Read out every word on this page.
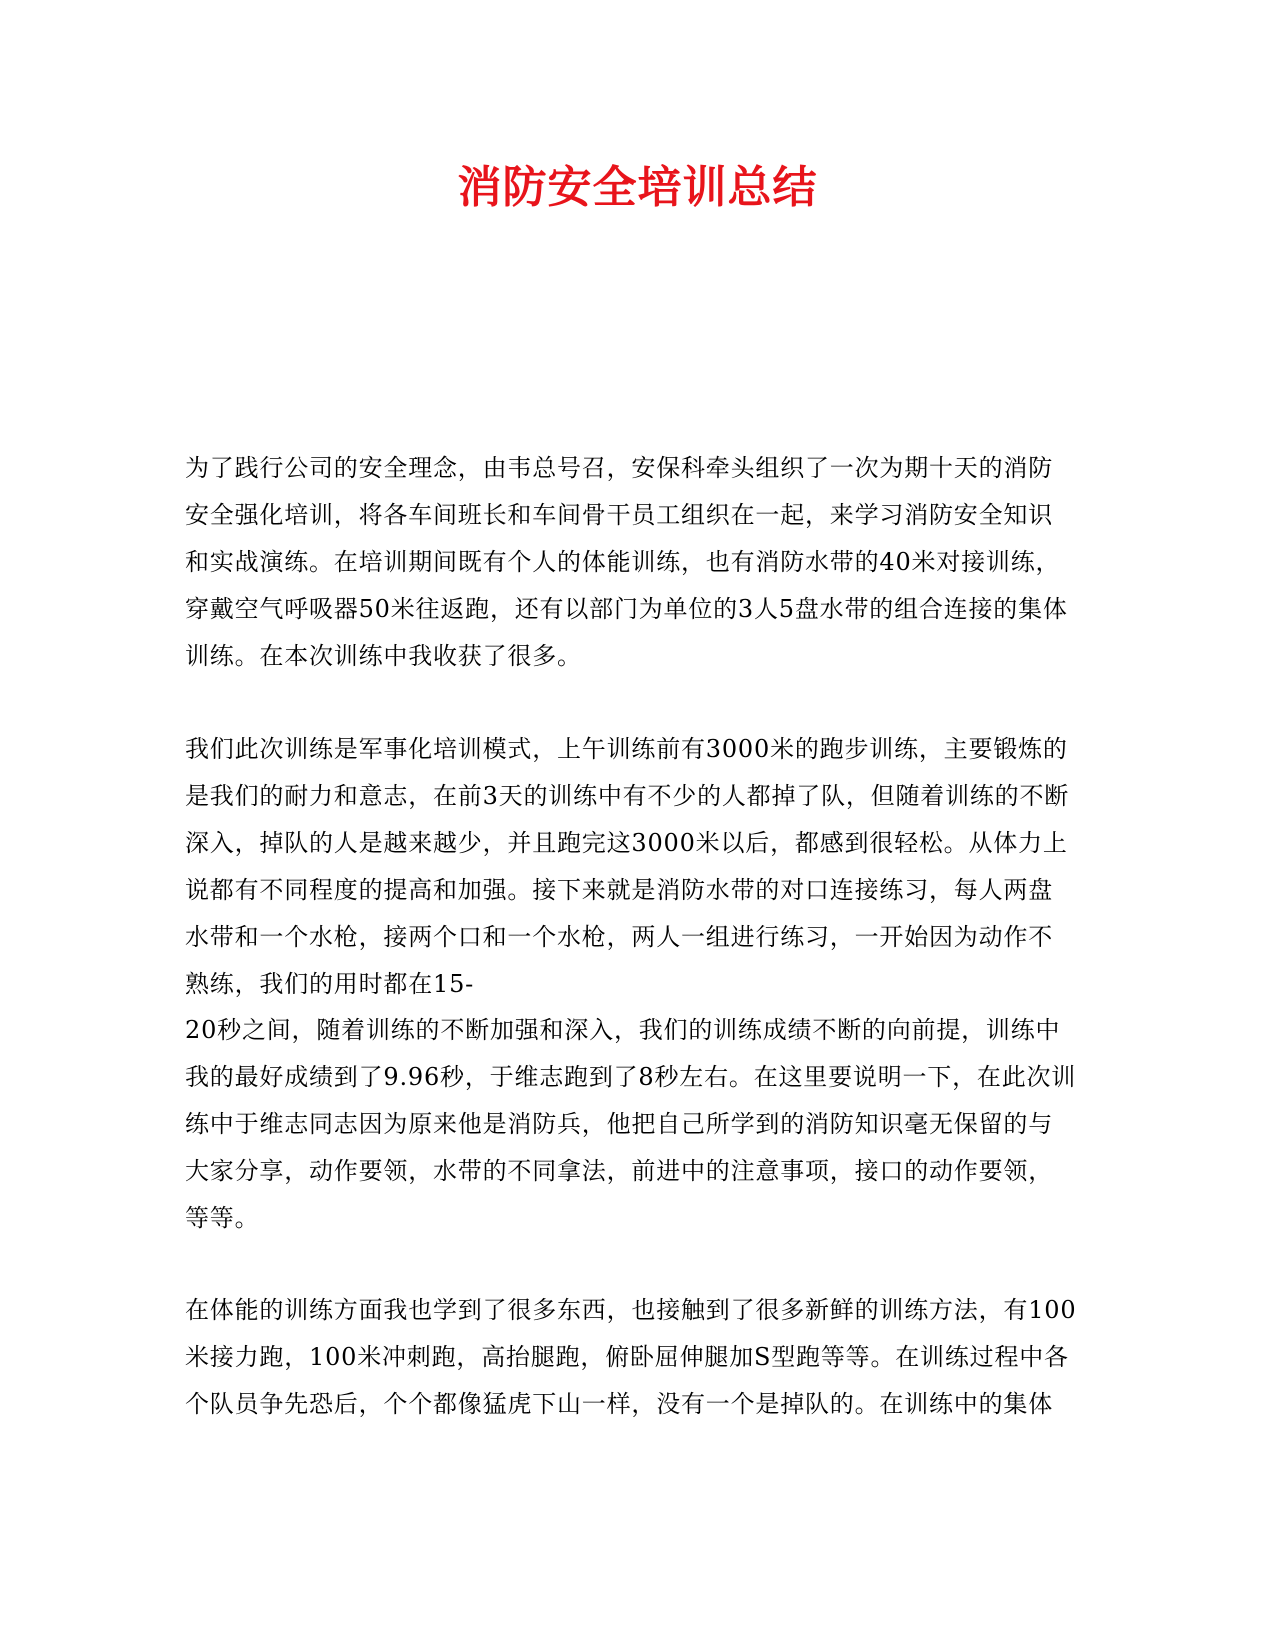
消防安全培训总结

为了践行公司的安全理念，由韦总号召，安保科牵头组织了一次为期十天的消防

安全强化培训，将各车间班长和车间骨干员工组织在一起，来学习消防安全知识

和实战演练。在培训期间既有个人的体能训练，也有消防水带的40米对接训练，

穿戴空气呼吸器50米往返跑，还有以部门为单位的3人5盘水带的组合连接的集体

训练。在本次训练中我收获了很多。

我们此次训练是军事化培训模式，上午训练前有3000米的跑步训练，主要锻炼的

是我们的耐力和意志，在前3天的训练中有不少的人都掉了队，但随着训练的不断

深入，掉队的人是越来越少，并且跑完这3000米以后，都感到很轻松。从体力上

说都有不同程度的提高和加强。接下来就是消防水带的对口连接练习，每人两盘

水带和一个水枪，接两个口和一个水枪，两人一组进行练习，一开始因为动作不

熟练，我们的用时都在15-

20秒之间，随着训练的不断加强和深入，我们的训练成绩不断的向前提，训练中

我的最好成绩到了9.96秒，于维志跑到了8秒左右。在这里要说明一下，在此次训

练中于维志同志因为原来他是消防兵，他把自己所学到的消防知识毫无保留的与

大家分享，动作要领，水带的不同拿法，前进中的注意事项，接口的动作要领，

等等。

在体能的训练方面我也学到了很多东西，也接触到了很多新鲜的训练方法，有100

米接力跑，100米冲刺跑，高抬腿跑，俯卧屈伸腿加S型跑等等。在训练过程中各

个队员争先恐后，个个都像猛虎下山一样，没有一个是掉队的。在训练中的集体
